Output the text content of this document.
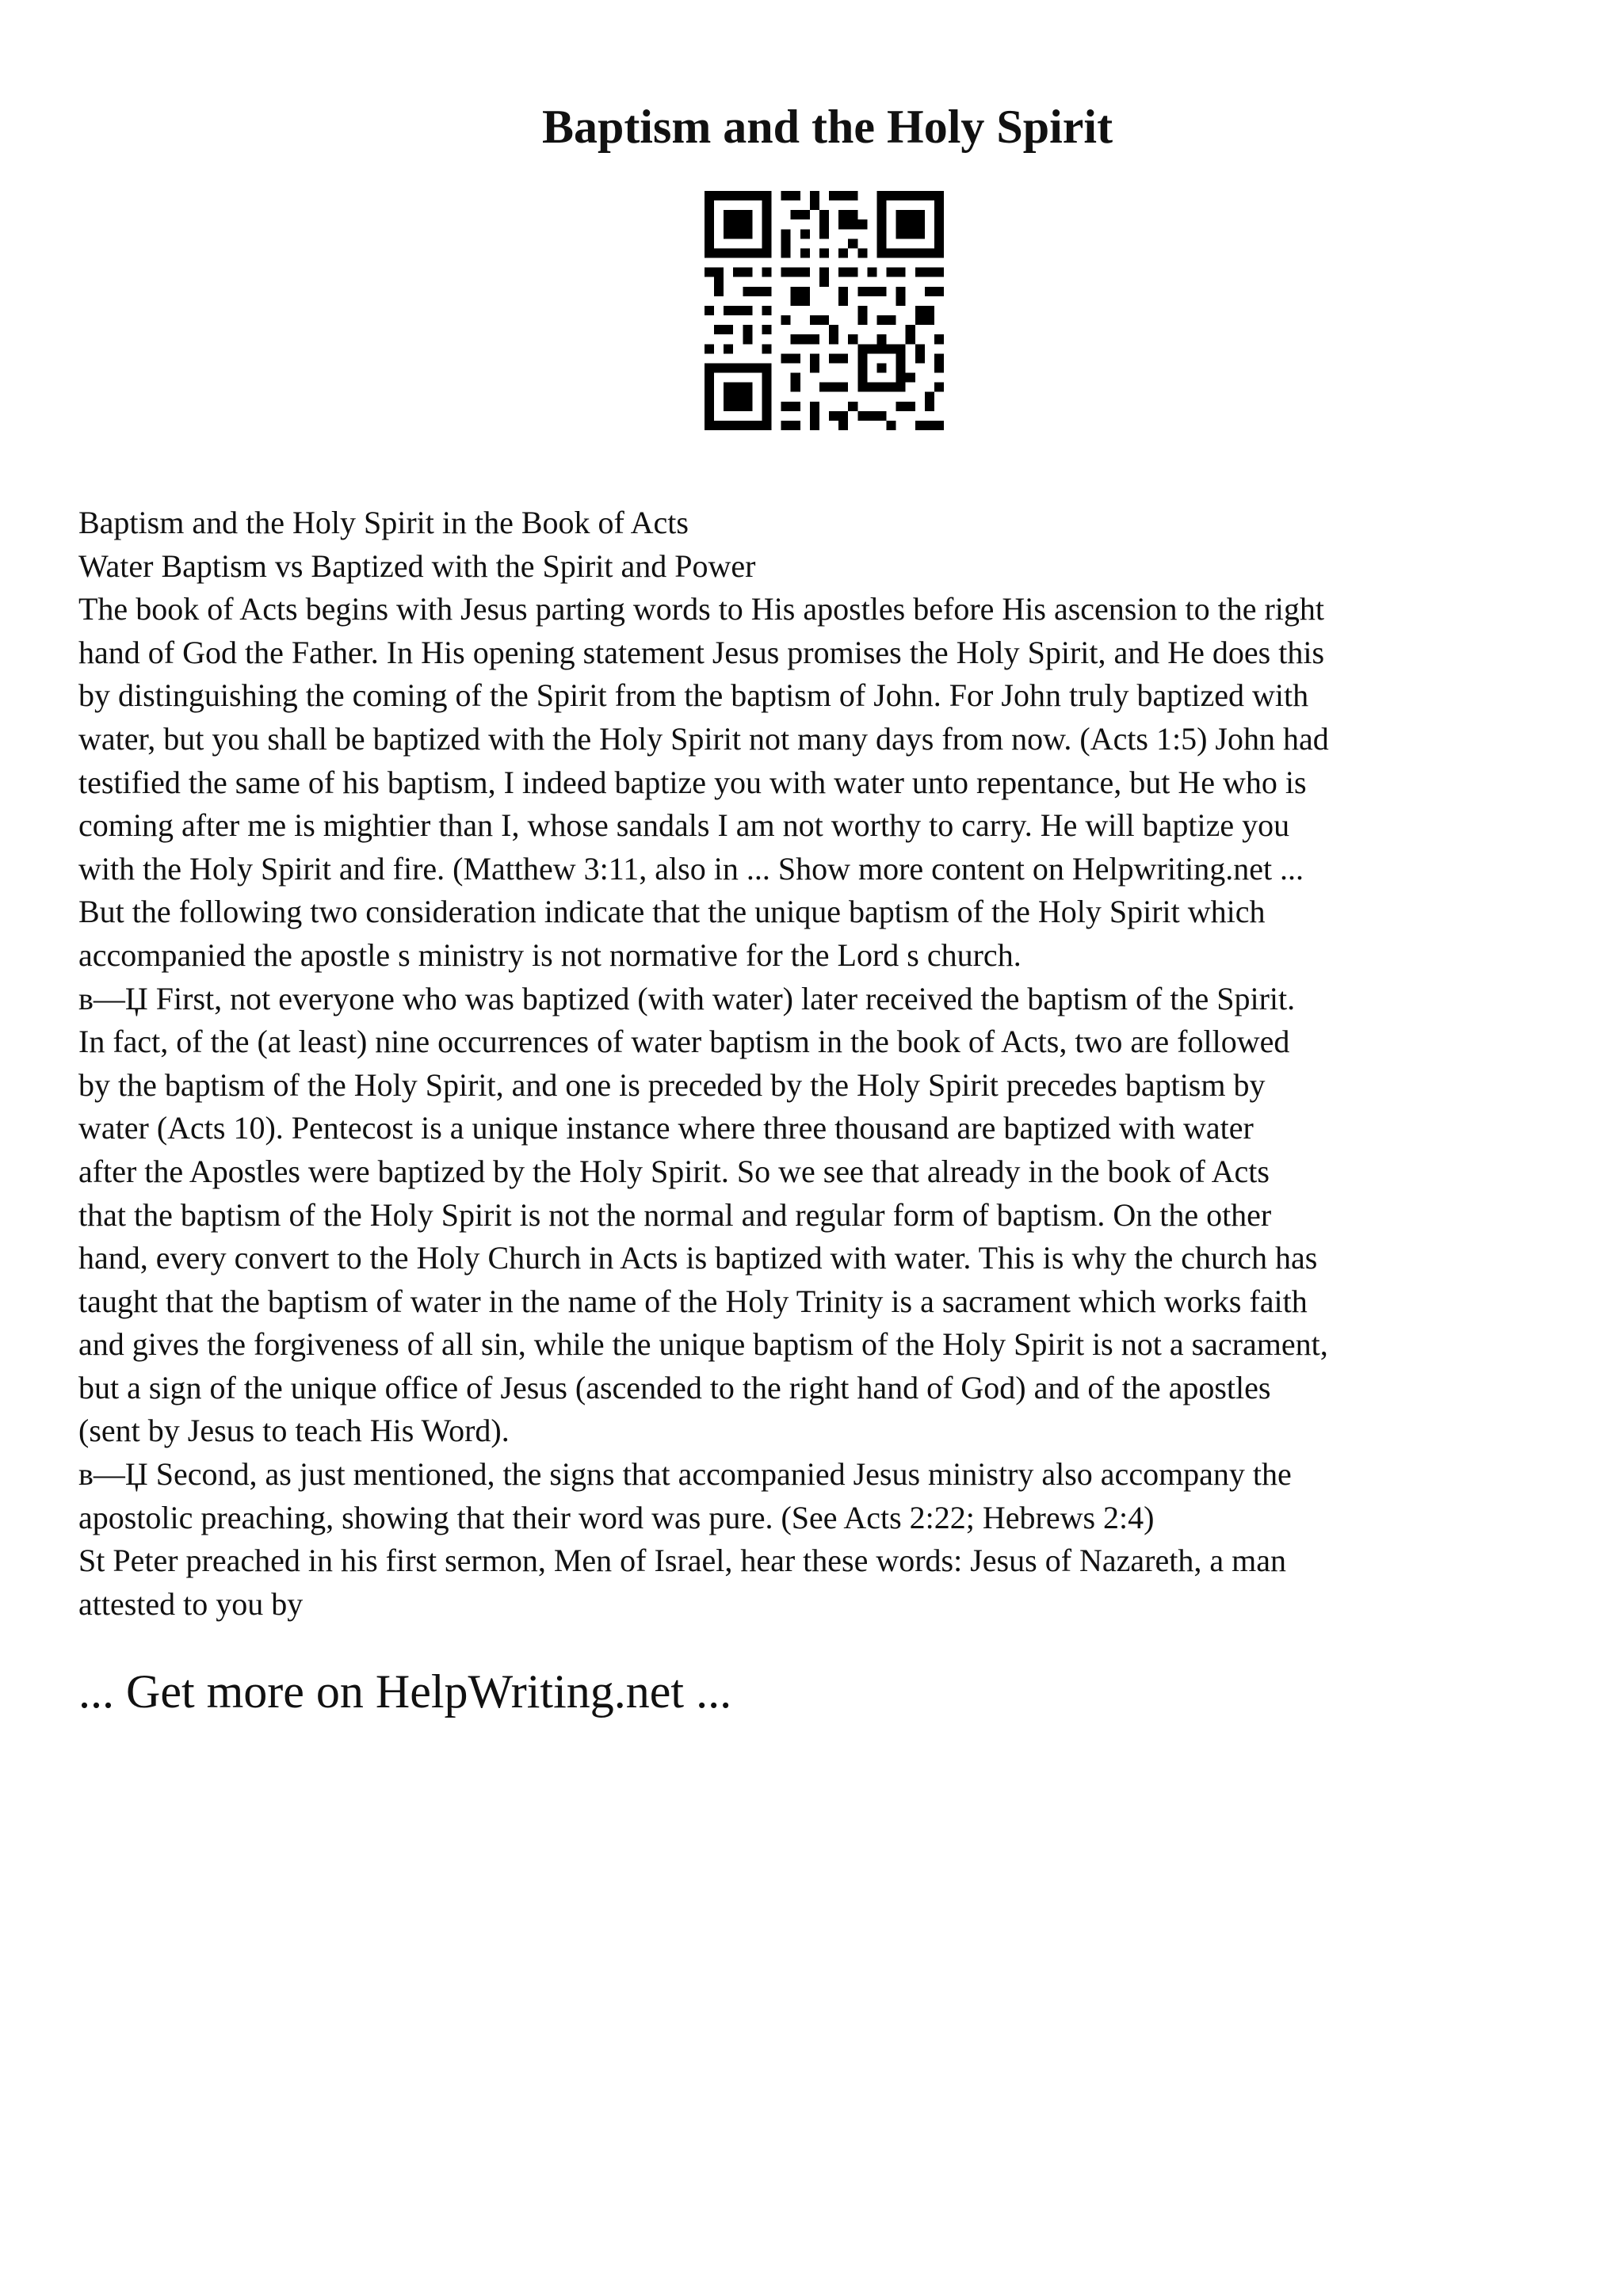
Baptism and the Holy Spirit
Baptism and the Holy Spirit in the Book of Acts
Water Baptism vs Baptized with the Spirit and Power
The book of Acts begins with Jesus parting words to His apostles before His ascension to the right
hand of God the Father. In His opening statement Jesus promises the Holy Spirit, and He does this
by distinguishing the coming of the Spirit from the baptism of John. For John truly baptized with
water, but you shall be baptized with the Holy Spirit not many days from now. (Acts 1:5) John had
testified the same of his baptism, I indeed baptize you with water unto repentance, but He who is
coming after me is mightier than I, whose sandals I am not worthy to carry. He will baptize you
with the Holy Spirit and fire. (Matthew 3:11, also in ... Show more content on Helpwriting.net ...
But the following two consideration indicate that the unique baptism of the Holy Spirit which
accompanied the apostle s ministry is not normative for the Lord s church.
в—Џ First, not everyone who was baptized (with water) later received the baptism of the Spirit.
In fact, of the (at least) nine occurrences of water baptism in the book of Acts, two are followed
by the baptism of the Holy Spirit, and one is preceded by the Holy Spirit precedes baptism by
water (Acts 10). Pentecost is a unique instance where three thousand are baptized with water
after the Apostles were baptized by the Holy Spirit. So we see that already in the book of Acts
that the baptism of the Holy Spirit is not the normal and regular form of baptism. On the other
hand, every convert to the Holy Church in Acts is baptized with water. This is why the church has
taught that the baptism of water in the name of the Holy Trinity is a sacrament which works faith
and gives the forgiveness of all sin, while the unique baptism of the Holy Spirit is not a sacrament,
but a sign of the unique office of Jesus (ascended to the right hand of God) and of the apostles
(sent by Jesus to teach His Word).
в—Џ Second, as just mentioned, the signs that accompanied Jesus ministry also accompany the
apostolic preaching, showing that their word was pure. (See Acts 2:22; Hebrews 2:4)
St Peter preached in his first sermon, Men of Israel, hear these words: Jesus of Nazareth, a man
attested to you by
... Get more on HelpWriting.net ...
